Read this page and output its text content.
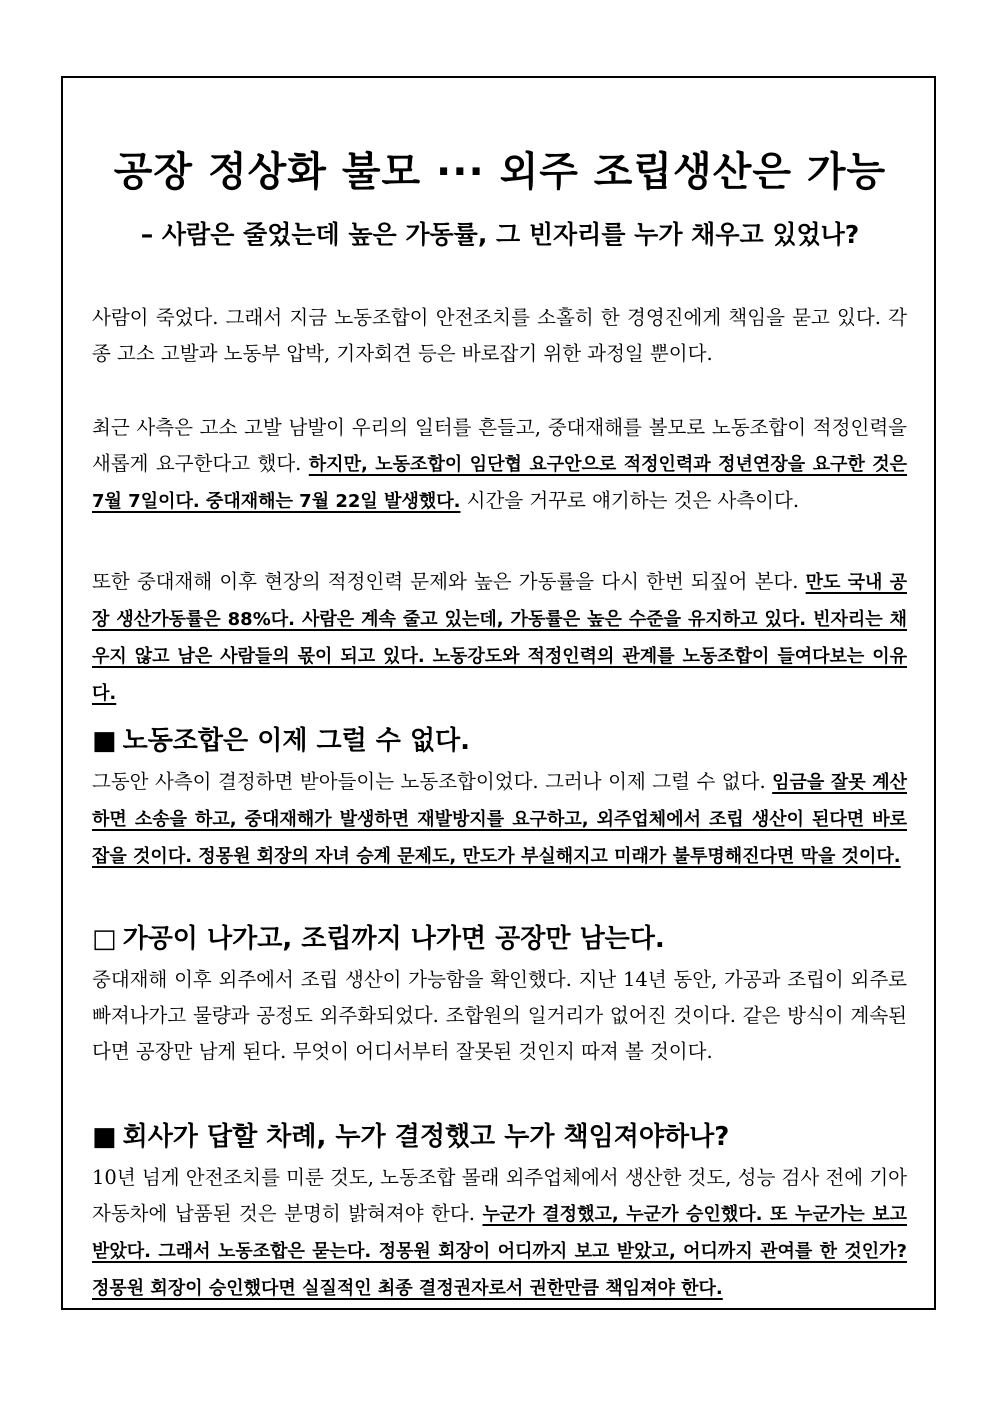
공장 정상화 불모 ··· 외주 조립생산은 가능
– 사람은 줄었는데 높은 가동률, 그 빈자리를 누가 채우고 있었나?

사람이 죽었다. 그래서 지금 노동조합이 안전조치를 소홀히 한 경영진에게 책임을 묻고 있다. 각종 고소 고발과 노동부 압박, 기자회견 등은 바로잡기 위한 과정일 뿐이다.

최근 사측은 고소 고발 남발이 우리의 일터를 흔들고, 중대재해를 볼모로 노동조합이 적정인력을 새롭게 요구한다고 했다. 하지만, 노동조합이 임단협 요구안으로 적정인력과 정년연장을 요구한 것은 7월 7일이다. 중대재해는 7월 22일 발생했다. 시간을 거꾸로 얘기하는 것은 사측이다.

또한 중대재해 이후 현장의 적정인력 문제와 높은 가동률을 다시 한번 되짚어 본다. 만도 국내 공장 생산가동률은 88%다. 사람은 계속 줄고 있는데, 가동률은 높은 수준을 유지하고 있다. 빈자리는 채우지 않고 남은 사람들의 몫이 되고 있다. 노동강도와 적정인력의 관계를 노동조합이 들여다보는 이유다.

■ 노동조합은 이제 그럴 수 없다.

그동안 사측이 결정하면 받아들이는 노동조합이었다. 그러나 이제 그럴 수 없다. 임금을 잘못 계산하면 소송을 하고, 중대재해가 발생하면 재발방지를 요구하고, 외주업체에서 조립 생산이 된다면 바로 잡을 것이다. 정몽원 회장의 자녀 승계 문제도, 만도가 부실해지고 미래가 불투명해진다면 막을 것이다.

□ 가공이 나가고, 조립까지 나가면 공장만 남는다.

중대재해 이후 외주에서 조립 생산이 가능함을 확인했다. 지난 14년 동안, 가공과 조립이 외주로 빠져나가고 물량과 공정도 외주화되었다. 조합원의 일거리가 없어진 것이다. 같은 방식이 계속된다면 공장만 남게 된다. 무엇이 어디서부터 잘못된 것인지 따져 볼 것이다.

■ 회사가 답할 차례, 누가 결정했고 누가 책임져야하나?

10년 넘게 안전조치를 미룬 것도, 노동조합 몰래 외주업체에서 생산한 것도, 성능 검사 전에 기아자동차에 납품된 것은 분명히 밝혀져야 한다. 누군가 결정했고, 누군가 승인했다. 또 누군가는 보고 받았다. 그래서 노동조합은 묻는다. 정몽원 회장이 어디까지 보고 받았고, 어디까지 관여를 한 것인가? 정몽원 회장이 승인했다면 실질적인 최종 결정권자로서 권한만큼 책임져야 한다.
